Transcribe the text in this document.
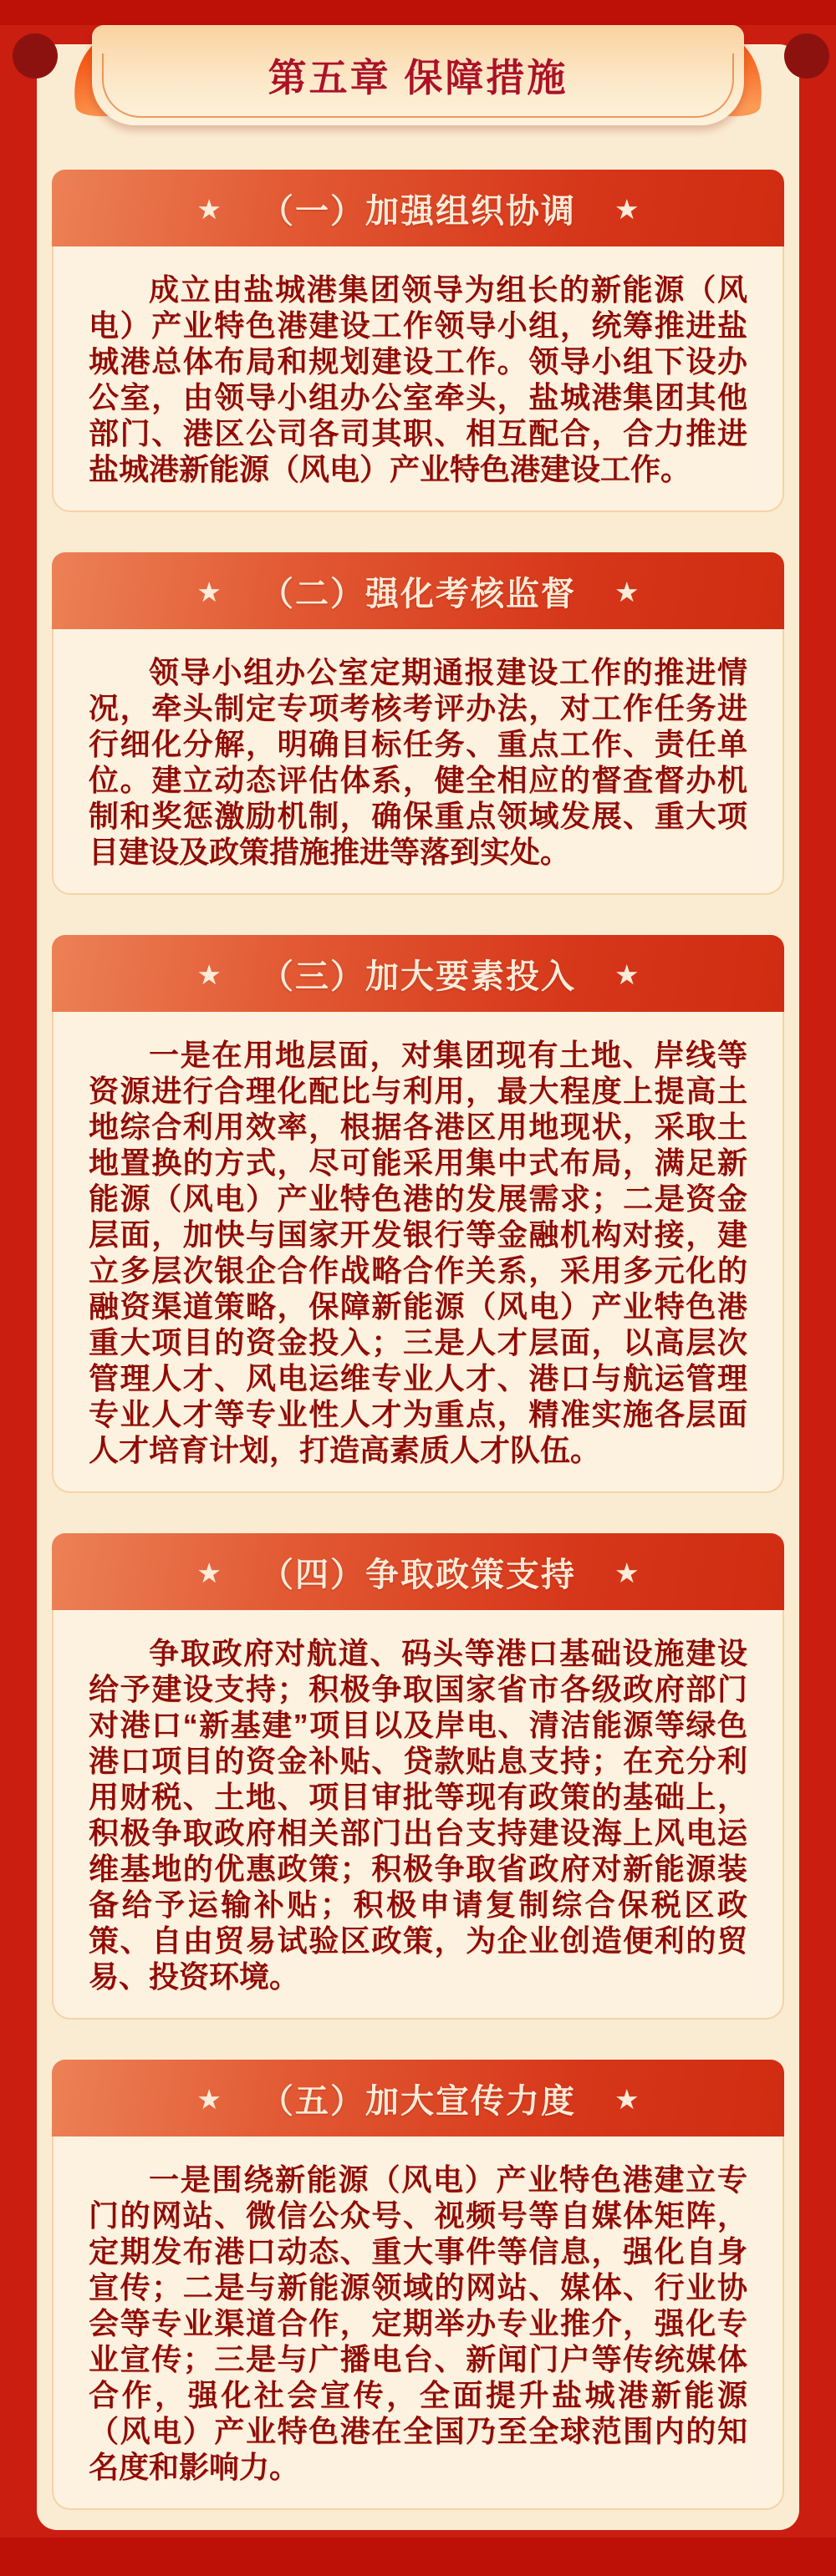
第五章 保障措施
★ （一）加强组织协调 ★

成立由盐城港集团领导为组长的新能源（风电）产业特色港建设工作领导小组，统筹推进盐城港总体布局和规划建设工作。领导小组下设办公室，由领导小组办公室牵头，盐城港集团其他部门、港区公司各司其职、相互配合，合力推进盐城港新能源（风电）产业特色港建设工作。

★ （二）强化考核监督 ★

领导小组办公室定期通报建设工作的推进情况，牵头制定专项考核考评办法，对工作任务进行细化分解，明确目标任务、重点工作、责任单位。建立动态评估体系，健全相应的督查督办机制和奖惩激励机制，确保重点领域发展、重大项目建设及政策措施推进等落到实处。

★ （三）加大要素投入 ★

一是在用地层面，对集团现有土地、岸线等资源进行合理化配比与利用，最大程度上提高土地综合利用效率，根据各港区用地现状，采取土地置换的方式，尽可能采用集中式布局，满足新能源（风电）产业特色港的发展需求；二是资金层面，加快与国家开发银行等金融机构对接，建立多层次银企合作战略合作关系，采用多元化的融资渠道策略，保障新能源（风电）产业特色港重大项目的资金投入；三是人才层面，以高层次管理人才、风电运维专业人才、港口与航运管理专业人才等专业性人才为重点，精准实施各层面人才培育计划，打造高素质人才队伍。

★ （四）争取政策支持 ★

争取政府对航道、码头等港口基础设施建设给予建设支持；积极争取国家省市各级政府部门对港口“新基建”项目以及岸电、清洁能源等绿色港口项目的资金补贴、贷款贴息支持；在充分利用财税、土地、项目审批等现有政策的基础上，积极争取政府相关部门出台支持建设海上风电运维基地的优惠政策；积极争取省政府对新能源装备给予运输补贴；积极申请复制综合保税区政策、自由贸易试验区政策，为企业创造便利的贸易、投资环境。

★ （五）加大宣传力度 ★

一是围绕新能源（风电）产业特色港建立专门的网站、微信公众号、视频号等自媒体矩阵，定期发布港口动态、重大事件等信息，强化自身宣传；二是与新能源领域的网站、媒体、行业协会等专业渠道合作，定期举办专业推介，强化专业宣传；三是与广播电台、新闻门户等传统媒体合作，强化社会宣传，全面提升盐城港新能源（风电）产业特色港在全国乃至全球范围内的知名度和影响力。
